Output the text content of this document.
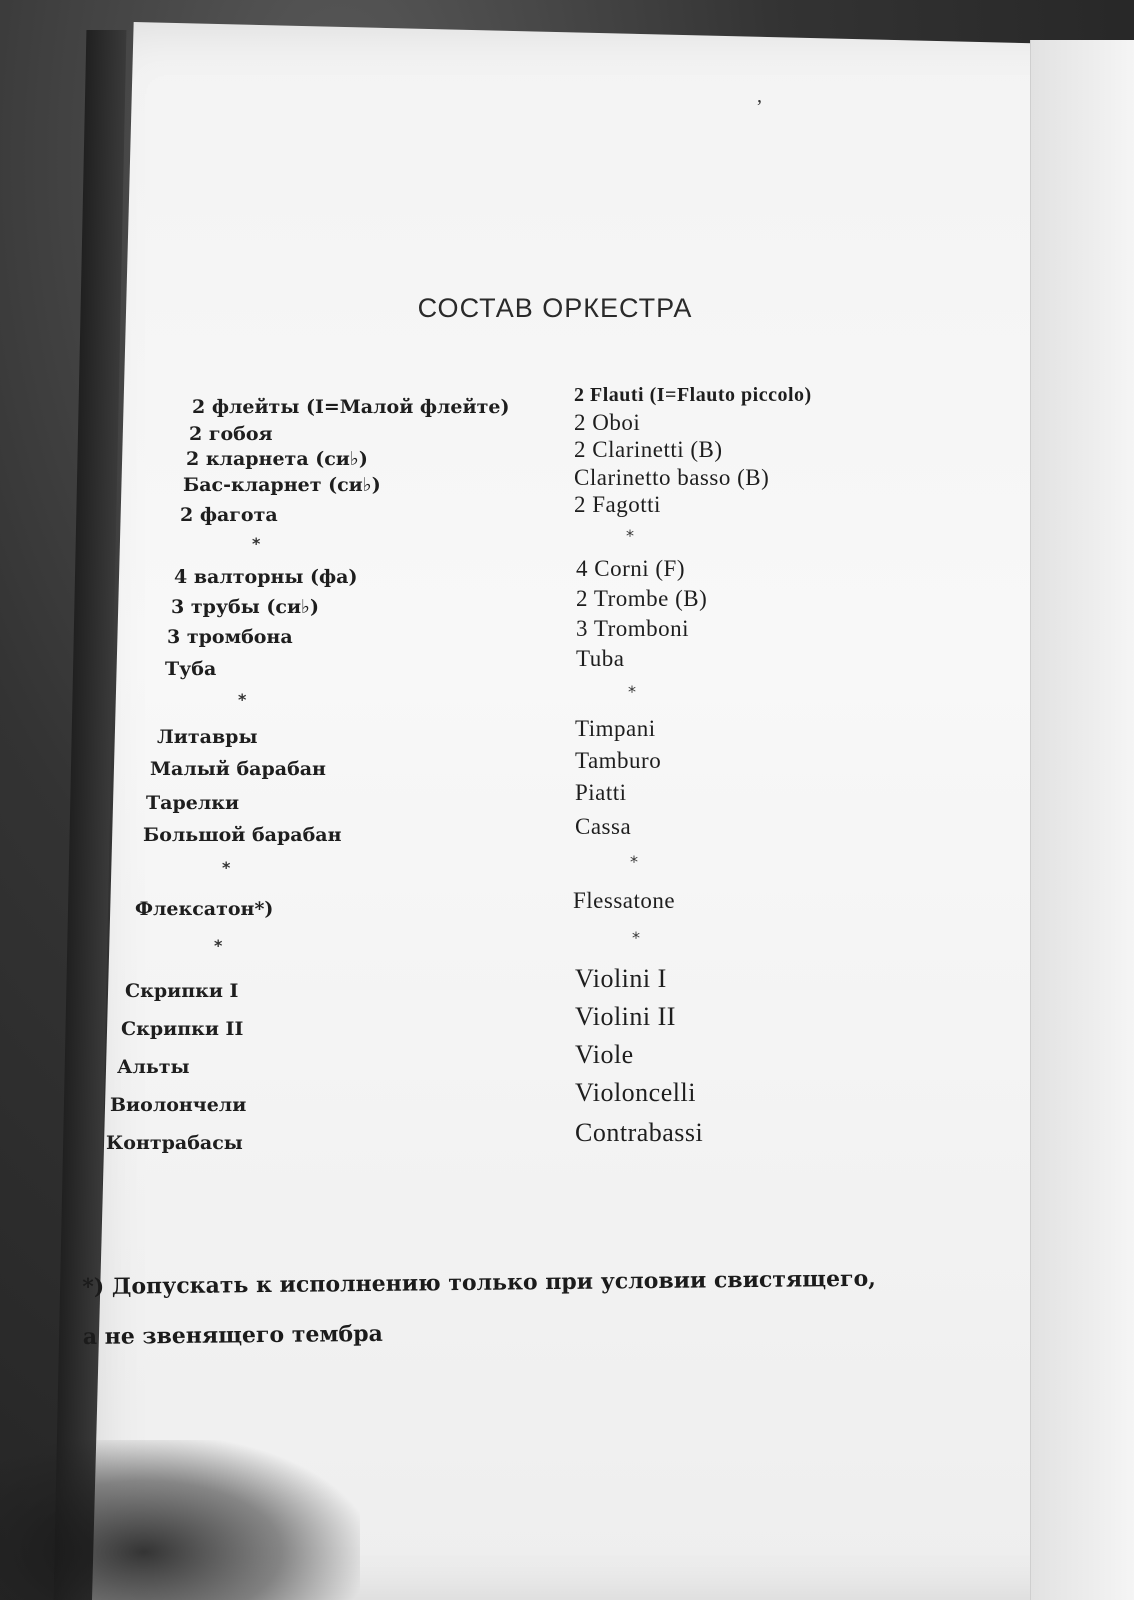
’
СОСТАВ ОРКЕСТРА
2 флейты (I=Малой флейте)
2 гобоя
2 кларнета (си♭)
Бас-кларнет (си♭)
2 фагота
*
4 валторны (фа)
3 трубы (си♭)
3 тромбона
Туба
*
Литавры
Малый барабан
Тарелки
Большой барабан
*
Флексатон*)
*
Скрипки I
Скрипки II
Альты
Виолончели
Контрабасы
2 Flauti (I=Flauto piccolo)
2 Oboi
2 Clarinetti (B)
Clarinetto basso (B)
2 Fagotti
*
4 Corni (F)
2 Trombe (B)
3 Tromboni
Tuba
*
Timpani
Tamburo
Piatti
Cassa
*
Flessatone
*
Violini I
Violini II
Viole
Violoncelli
Contrabassi
*) Допускать к исполнению только при условии свистящего,
а не звенящего тембра
